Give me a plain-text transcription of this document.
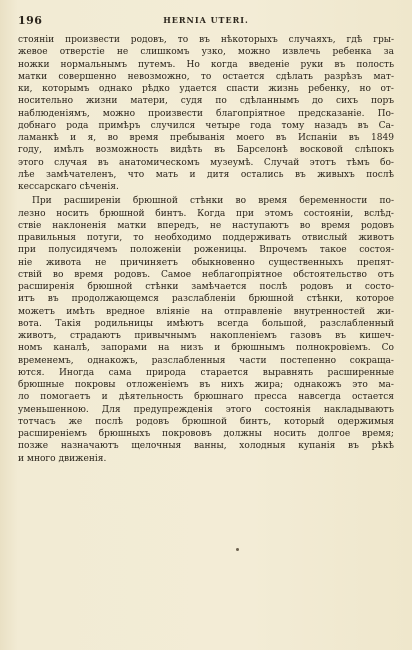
196	HERNIA UTERI.
стояніи произвести родовъ, то въ нѣкоторыхъ случаяхъ, гдѣ гры-
жевое отверстіе не слишкомъ узко, можно извлечь ребенка за
ножки нормальнымъ путемъ. Но когда введеніе руки въ полость
матки совершенно невозможно, то остается сдѣлать разрѣзъ мат-
ки, которымъ однако рѣдко удается спасти жизнь ребенку, но от-
носительно жизни матери, судя по сдѣланнымъ до сихъ поръ
наблюденіямъ, можно произвести благопріятное предсказаніе. По-
добнаго рода примѣръ случился четыре года тому назадъ въ Са-
ламанкѣ и я, во время пребыванія моего въ Испаніи въ 1849
году, имѣлъ возможность видѣть въ Барселонѣ восковой слѣпокъ
этого случая въ анатомическомъ музеумѣ. Случай этотъ тѣмъ бо-
лѣе замѣчателенъ, что мать и дитя остались въ живыхъ послѣ
кессарскаго сѣченія.
При расширеніи брюшной стѣнки во время беременности по-
лезно носить брюшной бинтъ. Когда при этомъ состояніи, вслѣд-
ствіе наклоненія матки впередъ, не наступаютъ во время родовъ
правильныя потуги, то необходимо поддерживать отвислый животъ
при полусидячемъ положеніи роженицы. Впрочемъ такое состоя-
ніе живота не причиняетъ обыкновенно существенныхъ препят-
ствій во время родовъ. Самое неблагопріятное обстоятельство отъ
расширенія брюшной стѣнки замѣчается послѣ родовъ и состо-
итъ въ продолжающемся разслабленіи брюшной стѣнки, которое
можетъ имѣть вредное вліяніе на отправленіе внутренностей жи-
вота. Такія родильницы имѣютъ всегда большой, разслабленный
животъ, страдаютъ привычнымъ накопленіемъ газовъ въ кишеч-
номъ каналѣ, запорами на низъ и брюшнымъ полнокровіемъ. Со
временемъ, однакожъ, разслабленныя части постепенно сокраща-
ются. Иногда сама природа старается выравнять расширенные
брюшные покровы отложеніемъ въ нихъ жира; однакожъ это ма-
ло помогаетъ и дѣятельность брюшнаго пресса навсегда остается
уменьшенною. Для предупрежденія этого состоянія накладываютъ
тотчасъ же послѣ родовъ брюшной бинтъ, который одержимыя
расширеніемъ брюшныхъ покрововъ должны носить долгое время;
позже назначаютъ щелочныя ванны, холодныя купанія въ рѣкѣ
и много движенія.
